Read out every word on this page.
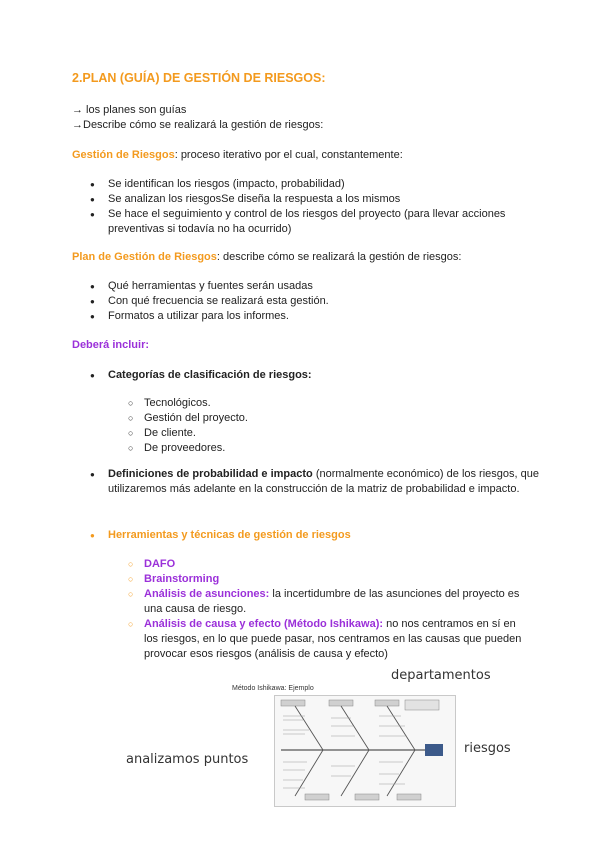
2.PLAN (GUÍA) DE GESTIÓN DE RIESGOS:
→ los planes son guías
→Describe cómo se realizará la gestión de riesgos:
Gestión de Riesgos: proceso iterativo por el cual, constantemente:
● Se identifican los riesgos (impacto, probabilidad)
● Se analizan los riesgosSe diseña la respuesta a los mismos
● Se hace el seguimiento y control de los riesgos del proyecto (para llevar acciones preventivas si todavía no ha ocurrido)
Plan de Gestión de Riesgos: describe cómo se realizará la gestión de riesgos:
● Qué herramientas y fuentes serán usadas
● Con qué frecuencia se realizará esta gestión.
● Formatos a utilizar para los informes.
Deberá incluir:
● Categorías de clasificación de riesgos:
○ Tecnológicos.
○ Gestión del proyecto.
○ De cliente.
○ De proveedores.
● Definiciones de probabilidad e impacto (normalmente económico) de los riesgos, que utilizaremos más adelante en la construcción de la matriz de probabilidad e impacto.
● Herramientas y técnicas de gestión de riesgos
○ DAFO
○ Brainstorming
○ Análisis de asunciones: la incertidumbre de las asunciones del proyecto es una causa de riesgo.
○ Análisis de causa y efecto (Método Ishikawa): no nos centramos en sí en los riesgos, en lo que puede pasar, nos centramos en las causas que pueden provocar esos riesgos (análisis de causa y efecto)
departamentos
analizamos puntos
riesgos
Método Ishikawa: Ejemplo
